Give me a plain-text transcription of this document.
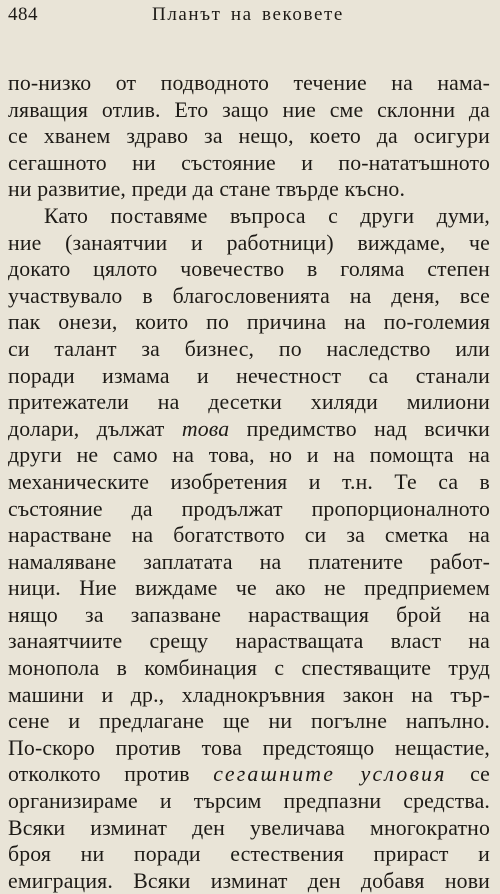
484	Планът на вековете
по-низко от подводното течение на нама-
ляващия отлив. Ето защо ние сме склонни да
се хванем здраво за нещо, което да осигури
сегашното ни състояние и по-нататъшното
ни развитие, преди да стане твърде късно.
Като поставяме въпроса с други думи,
ние (занаятчии и работници) виждаме, че
докато цялото човечество в голяма степен
участвувало в благословенията на деня, все
пак онези, които по причина на по-големия
си талант за бизнес, по наследство или
поради измама и нечестност са станали
притежатели на десетки хиляди милиони
долари, дължат това предимство над всички
други не само на това, но и на помощта на
механическите изобретения и т.н. Те са в
състояние да продължат пропорционалното
нарастване на богатството си за сметка на
намаляване заплатата на платените работ-
ници. Ние виждаме че ако не предприемем
нящо за запазване нарастващия брой на
занаятчиите срещу нарастващата власт на
монопола в комбинация с спестяващите труд
машини и др., хладнокръвния закон на тър-
сене и предлагане ще ни погълне напълно.
По-скоро против това предстоящо нещастие,
отколкото против сегашните условия се
организираме и търсим предпазни средства.
Всяки изминат ден увеличава многократно
броя ни поради естествения прираст и
емиграция. Всяки изминат ден добавя нови
